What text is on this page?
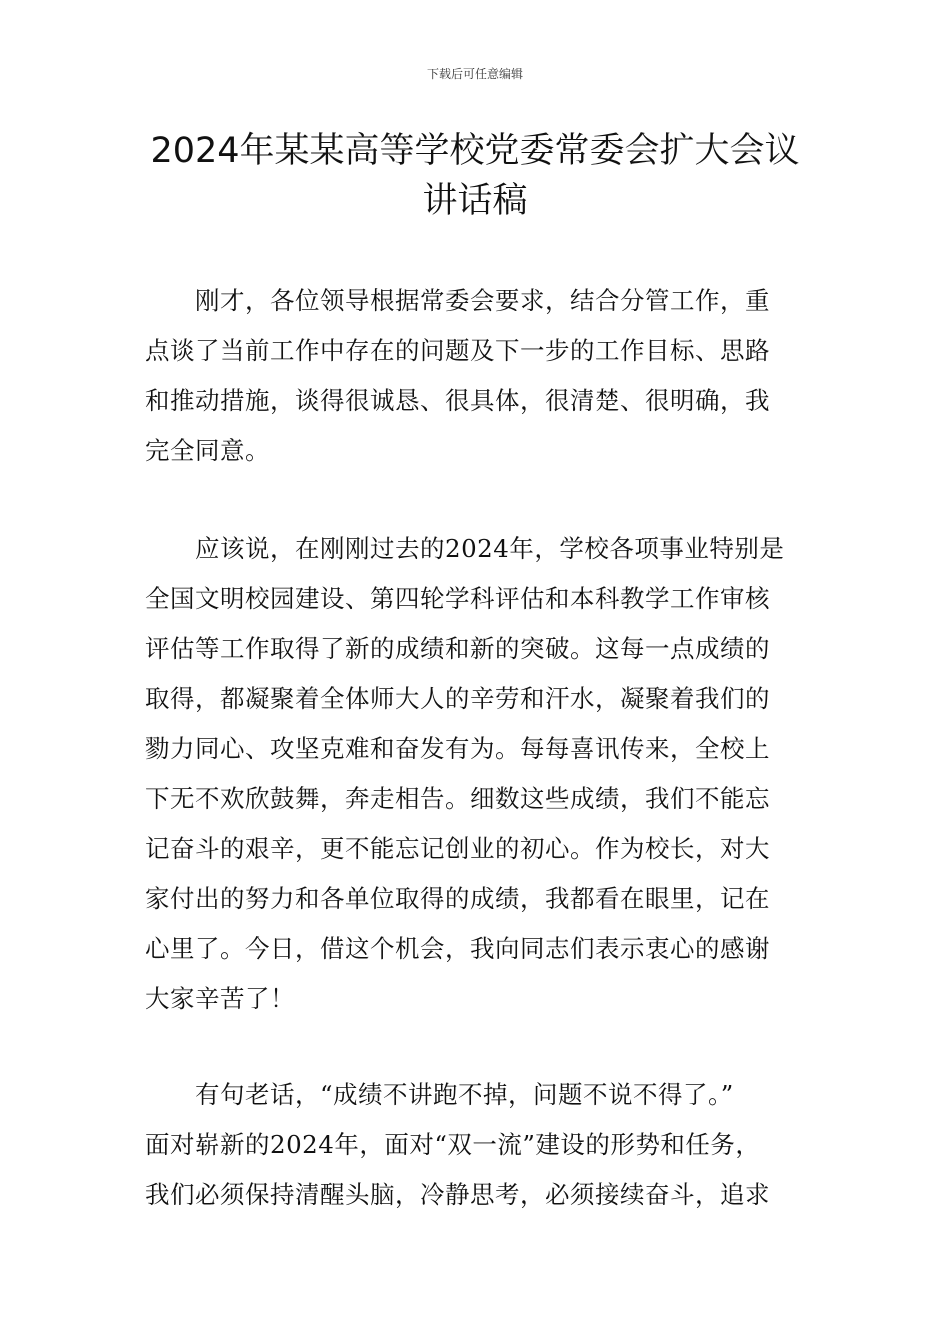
下载后可任意编辑
2024年某某高等学校党委常委会扩大会议
讲话稿

　　刚才，各位领导根据常委会要求，结合分管工作，重
点谈了当前工作中存在的问题及下一步的工作目标、思路
和推动措施，谈得很诚恳、很具体，很清楚、很明确，我
完全同意。

　　应该说，在刚刚过去的2024年，学校各项事业特别是
全国文明校园建设、第四轮学科评估和本科教学工作审核
评估等工作取得了新的成绩和新的突破。这每一点成绩的
取得，都凝聚着全体师大人的辛劳和汗水，凝聚着我们的
勠力同心、攻坚克难和奋发有为。每每喜讯传来，全校上
下无不欢欣鼓舞，奔走相告。细数这些成绩，我们不能忘
记奋斗的艰辛，更不能忘记创业的初心。作为校长，对大
家付出的努力和各单位取得的成绩，我都看在眼里，记在
心里了。今日，借这个机会，我向同志们表示衷心的感谢
大家辛苦了！

　　有句老话，“成绩不讲跑不掉，问题不说不得了。”
面对崭新的2024年，面对“双一流”建设的形势和任务，
我们必须保持清醒头脑，冷静思考，必须接续奋斗，追求
